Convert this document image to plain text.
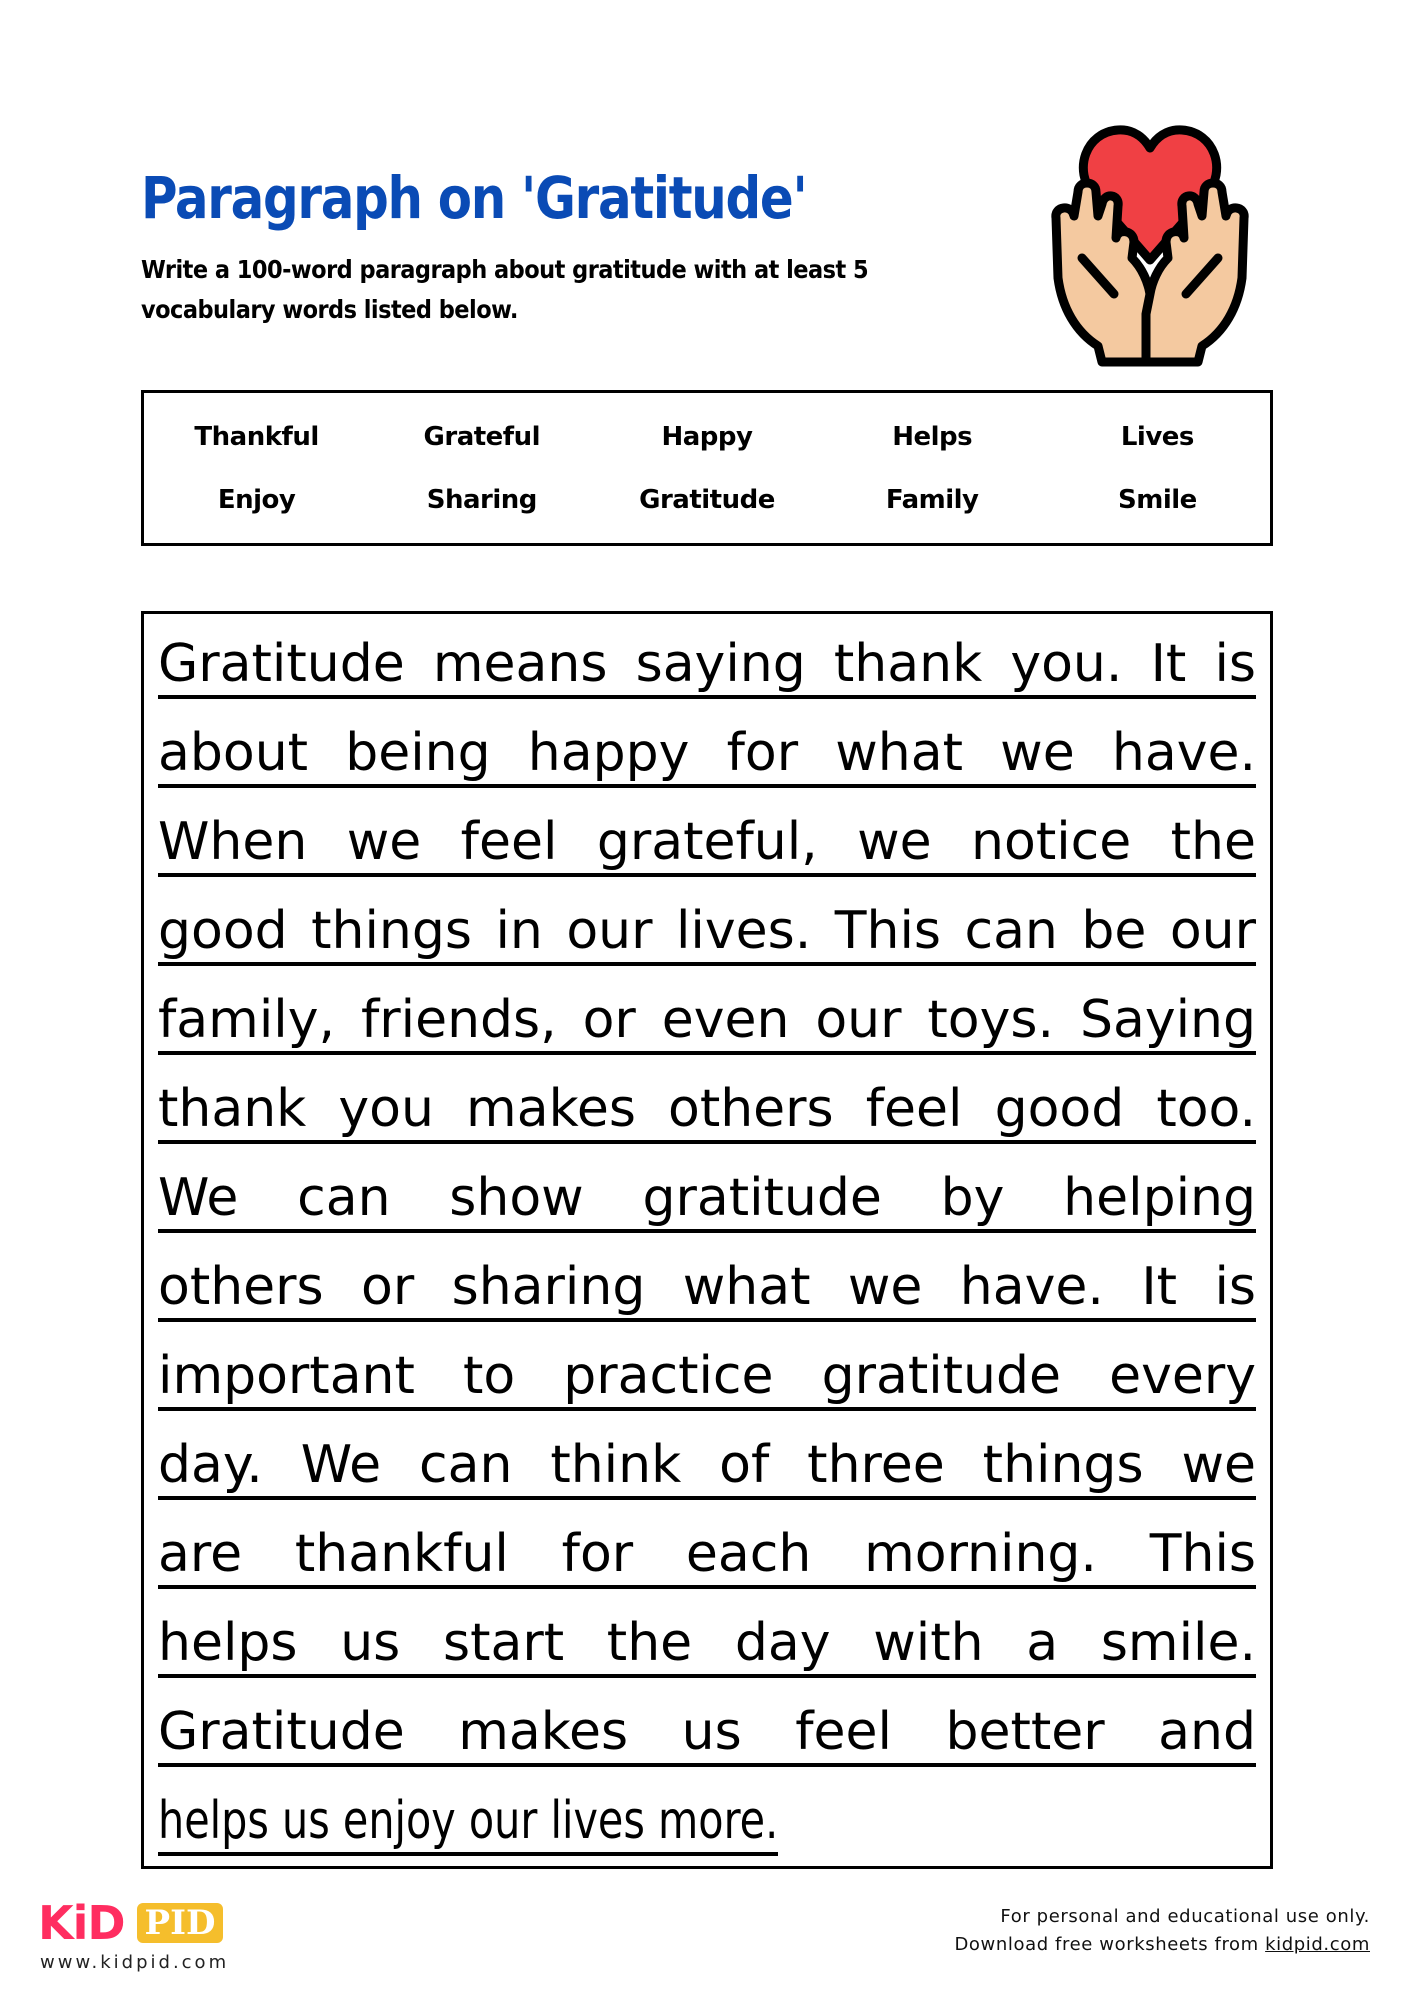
Paragraph on 'Gratitude'
Write a 100-word paragraph about gratitude with at least 5 vocabulary words listed below.
Thankful	Grateful	Happy	Helps	Lives
Enjoy	Sharing	Gratitude	Family	Smile
Gratitude means saying thank you. It is
about being happy for what we have.
When we feel grateful, we notice the
good things in our lives. This can be our
family, friends, or even our toys. Saying
thank you makes others feel good too.
We can show gratitude by helping
others or sharing what we have. It is
important to practice gratitude every
day. We can think of three things we
are thankful for each morning. This
helps us start the day with a smile.
Gratitude makes us feel better and
helps us enjoy our lives more.
KiD PID
www.kidpid.com
For personal and educational use only.
Download free worksheets from kidpid.com
